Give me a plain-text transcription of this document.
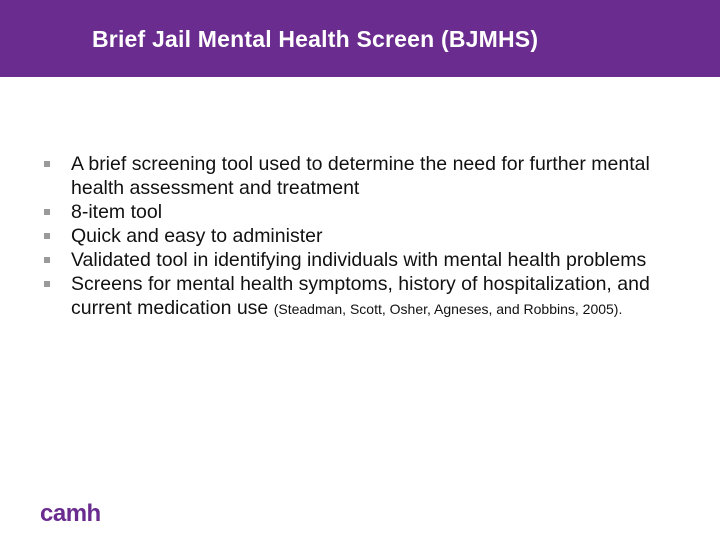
Brief Jail Mental Health Screen (BJMHS)
A brief screening tool used to determine the need for further mental health assessment and treatment
8-item tool
Quick and easy to administer
Validated tool in identifying individuals with mental health problems
Screens for mental health symptoms, history of hospitalization, and current medication use (Steadman, Scott, Osher, Agneses, and Robbins, 2005).
camh
